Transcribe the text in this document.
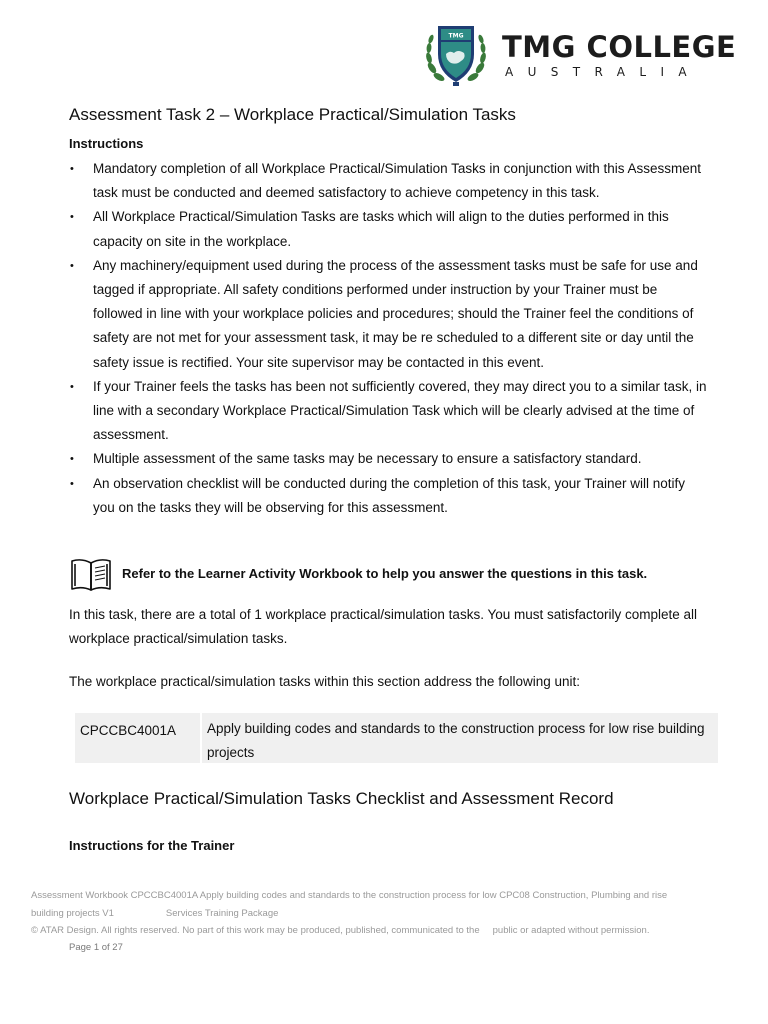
TMG TMG COLLEGE
AUSTRALIA
Assessment Task 2 – Workplace Practical/Simulation Tasks
Instructions
• Mandatory completion of all Workplace Practical/Simulation Tasks in conjunction with this Assessment task must be conducted and deemed satisfactory to achieve competency in this task.
• All Workplace Practical/Simulation Tasks are tasks which will align to the duties performed in this capacity on site in the workplace.
• Any machinery/equipment used during the process of the assessment tasks must be safe for use and tagged if appropriate. All safety conditions performed under instruction by your Trainer must be followed in line with your workplace policies and procedures; should the Trainer feel the conditions of safety are not met for your assessment task, it may be re scheduled to a different site or day until the safety issue is rectified. Your site supervisor may be contacted in this event.
• If your Trainer feels the tasks has been not sufficiently covered, they may direct you to a similar task, in line with a secondary Workplace Practical/Simulation Task which will be clearly advised at the time of assessment.
• Multiple assessment of the same tasks may be necessary to ensure a satisfactory standard.
• An observation checklist will be conducted during the completion of this task, your Trainer will notify you on the tasks they will be observing for this assessment.
Refer to the Learner Activity Workbook to help you answer the questions in this task.

In this task, there are a total of 1 workplace practical/simulation tasks. You must satisfactorily complete all workplace practical/simulation tasks.

The workplace practical/simulation tasks within this section address the following unit:

CPCCBC4001A Apply building codes and standards to the construction process for low rise building projects
Workplace Practical/Simulation Tasks Checklist and Assessment Record
Instructions for the Trainer
Assessment Workbook CPCCBC4001A Apply building codes and standards to the construction process for low CPC08 Construction, Plumbing and rise
building projects V1	Services Training Package
© ATAR Design. All rights reserved. No part of this work may be produced, published, communicated to the public or adapted without permission.
Page 1 of 27
